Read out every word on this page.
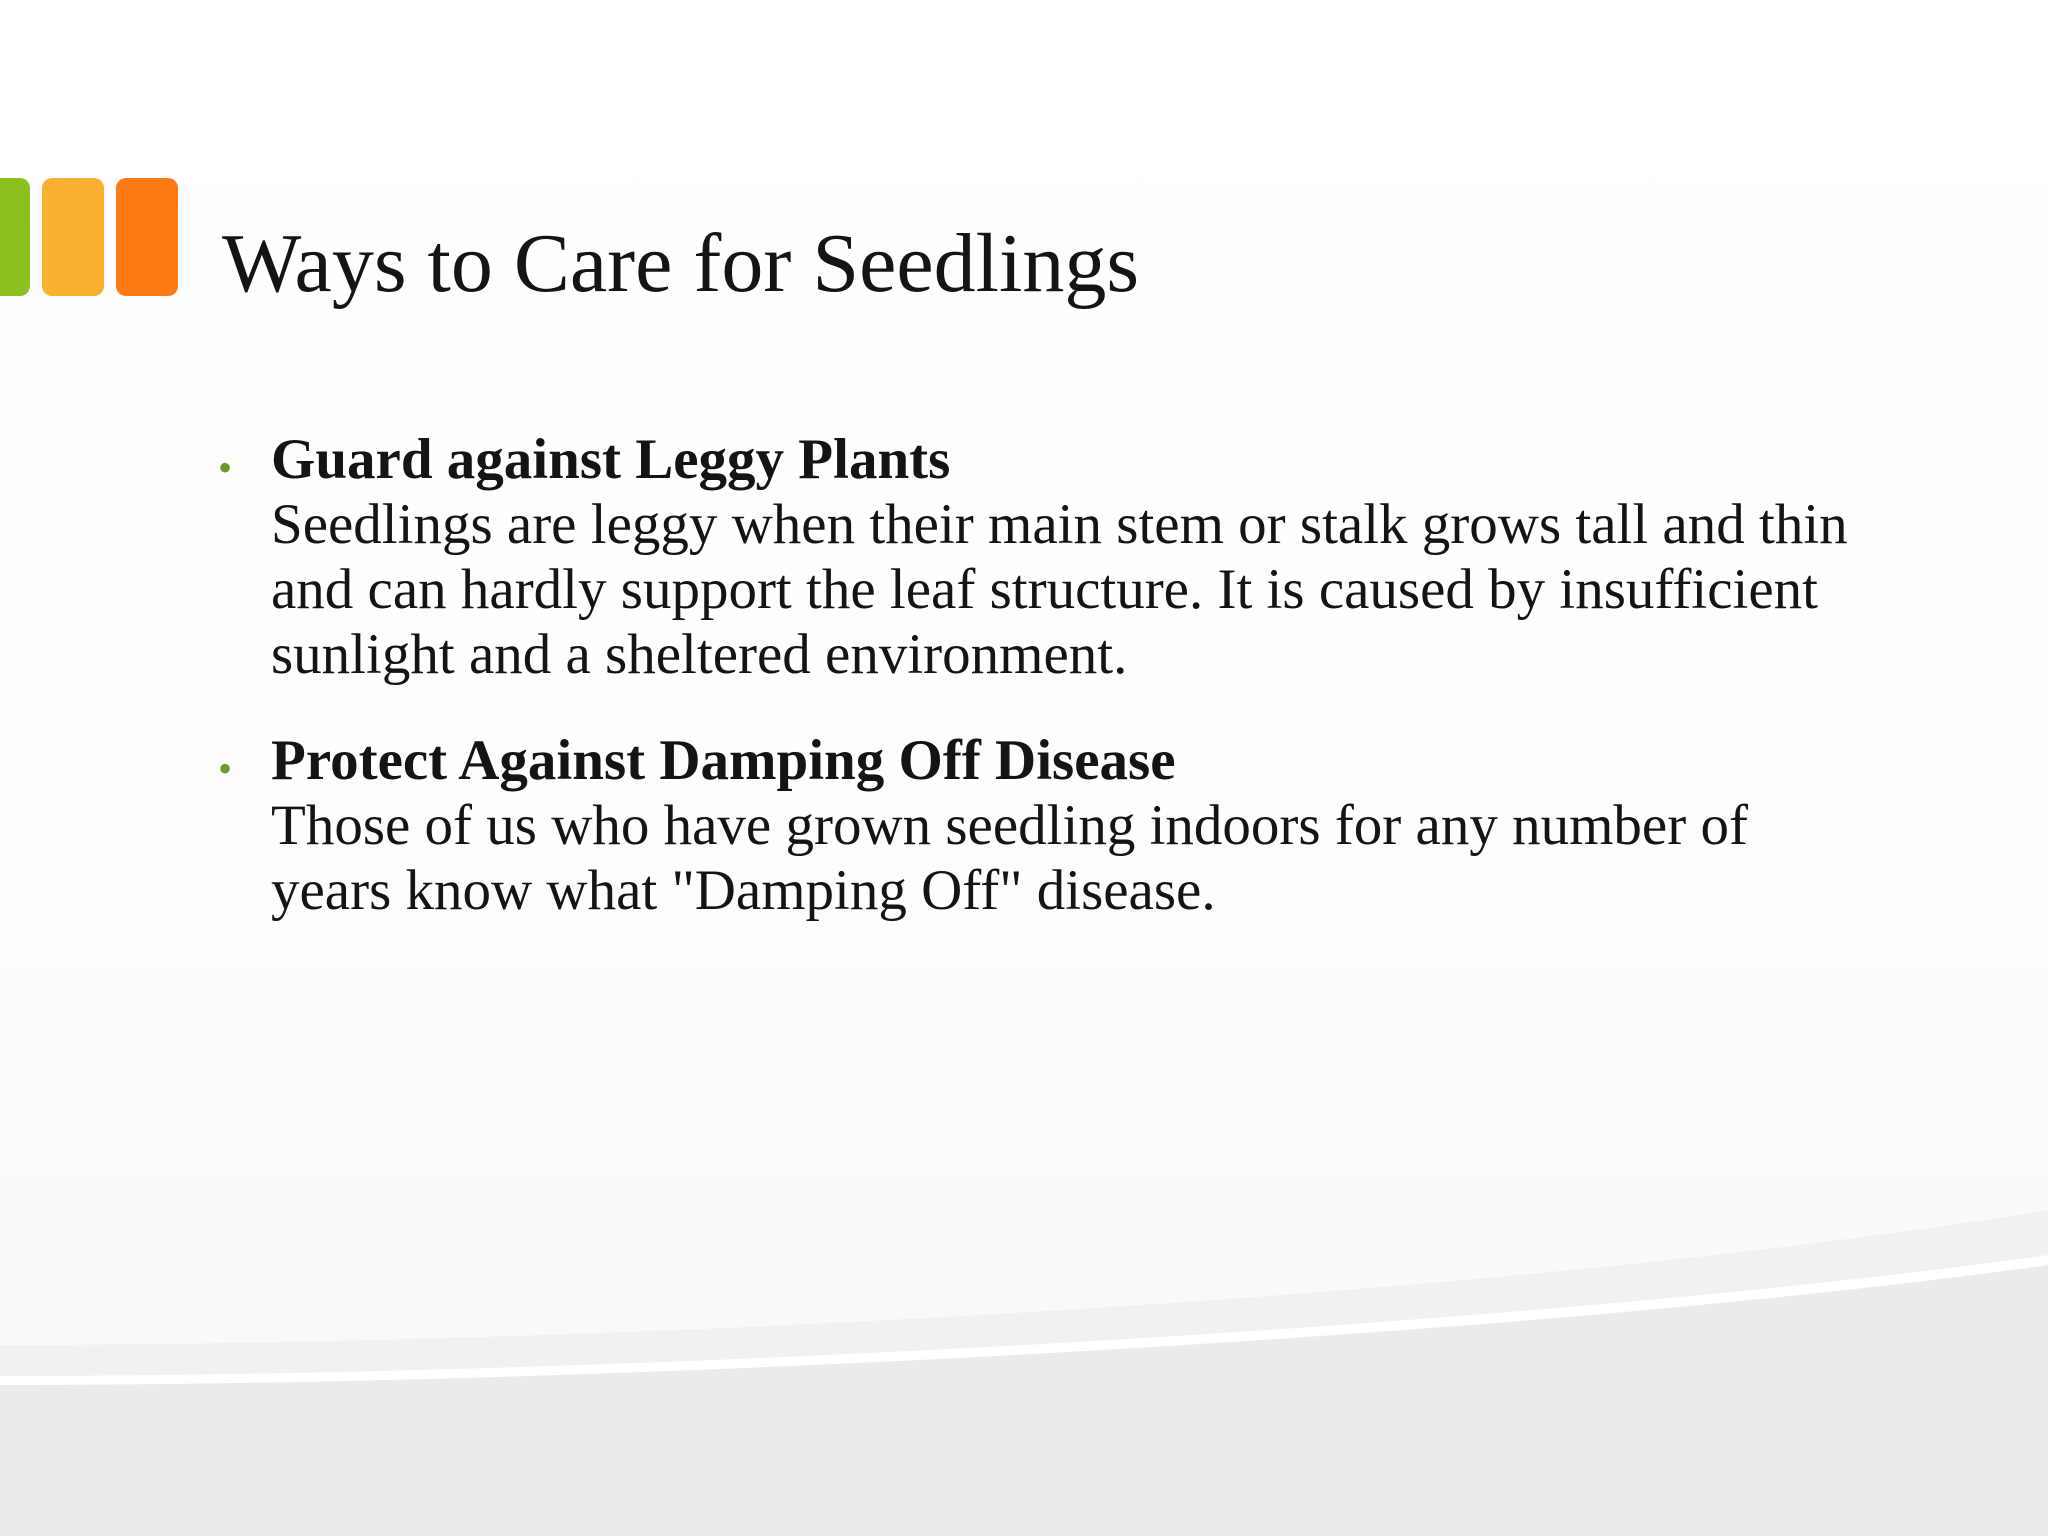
Ways to Care for Seedlings
• Guard against Leggy Plants
Seedlings are leggy when their main stem or stalk grows tall and thin and can hardly support the leaf structure. It is caused by insufficient sunlight and a sheltered environment.
• Protect Against Damping Off Disease
Those of us who have grown seedling indoors for any number of years know what "Damping Off" disease.
